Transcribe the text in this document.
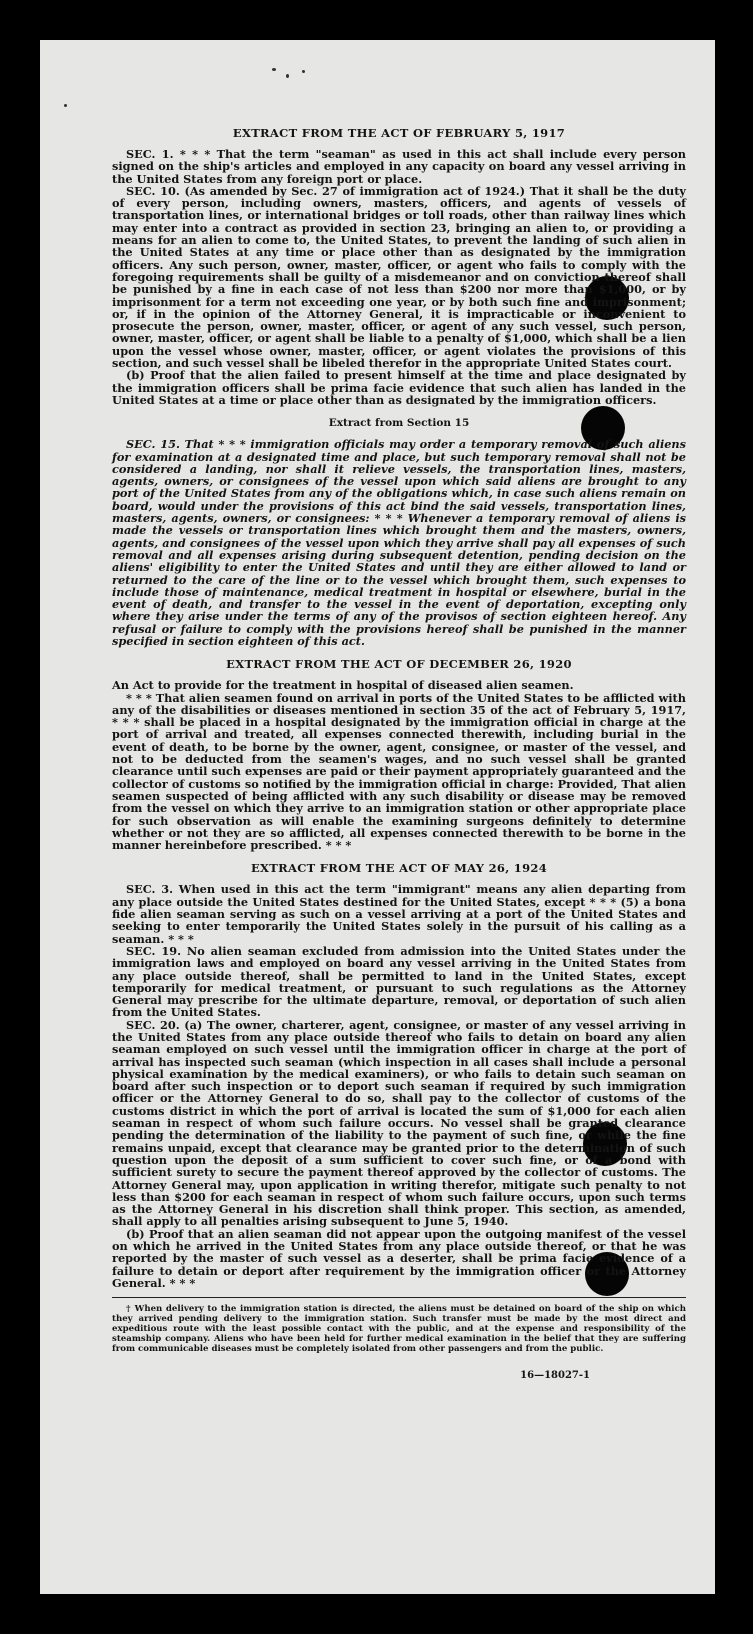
EXTRACT FROM THE ACT OF FEBRUARY 5, 1917

SEC. 1. * * * That the term "seaman" as used in this act shall include every person signed on the ship's articles and employed in any capacity on board any vessel arriving in the United States from any foreign port or place.

SEC. 10. (As amended by Sec. 27 of immigration act of 1924.) That it shall be the duty of every person, including owners, masters, officers, and agents of vessels of transportation lines, or international bridges or toll roads, other than railway lines which may enter into a contract as provided in section 23, bringing an alien to, or providing a means for an alien to come to, the United States, to prevent the landing of such alien in the United States at any time or place other than as designated by the immigration officers. Any such person, owner, master, officer, or agent who fails to comply with the foregoing requirements shall be guilty of a misdemeanor and on conviction thereof shall be punished by a fine in each case of not less than $200 nor more than $1,000, or by imprisonment for a term not exceeding one year, or by both such fine and imprisonment; or, if in the opinion of the Attorney General, it is impracticable or inconvenient to prosecute the person, owner, master, officer, or agent of any such vessel, such person, owner, master, officer, or agent shall be liable to a penalty of $1,000, which shall be a lien upon the vessel whose owner, master, officer, or agent violates the provisions of this section, and such vessel shall be libeled therefor in the appropriate United States court.

(b) Proof that the alien failed to present himself at the time and place designated by the immigration officers shall be prima facie evidence that such alien has landed in the United States at a time or place other than as designated by the immigration officers.

Extract from Section 15

SEC. 15. That * * * immigration officials may order a temporary removal of such aliens for examination at a designated time and place, but such temporary removal shall not be considered a landing, nor shall it relieve vessels, the transportation lines, masters, agents, owners, or consignees of the vessel upon which said aliens are brought to any port of the United States from any of the obligations which, in case such aliens remain on board, would under the provisions of this act bind the said vessels, transportation lines, masters, agents, owners, or consignees: * * * Whenever a temporary removal of aliens is made the vessels or transportation lines which brought them and the masters, owners, agents, and consignees of the vessel upon which they arrive shall pay all expenses of such removal and all expenses arising during subsequent detention, pending decision on the aliens' eligibility to enter the United States and until they are either allowed to land or returned to the care of the line or to the vessel which brought them, such expenses to include those of maintenance, medical treatment in hospital or elsewhere, burial in the event of death, and transfer to the vessel in the event of deportation, excepting only where they arise under the terms of any of the provisos of section eighteen hereof. Any refusal or failure to comply with the provisions hereof shall be punished in the manner specified in section eighteen of this act.

EXTRACT FROM THE ACT OF DECEMBER 26, 1920

An Act to provide for the treatment in hospital of diseased alien seamen.

* * * That alien seamen found on arrival in ports of the United States to be afflicted with any of the disabilities or diseases mentioned in section 35 of the act of February 5, 1917, * * * shall be placed in a hospital designated by the immigration official in charge at the port of arrival and treated, all expenses connected therewith, including burial in the event of death, to be borne by the owner, agent, consignee, or master of the vessel, and not to be deducted from the seamen's wages, and no such vessel shall be granted clearance until such expenses are paid or their payment appropriately guaranteed and the collector of customs so notified by the immigration official in charge: Provided, That alien seamen suspected of being afflicted with any such disability or disease may be removed from the vessel on which they arrive to an immigration station or other appropriate place for such observation as will enable the examining surgeons definitely to determine whether or not they are so afflicted, all expenses connected therewith to be borne in the manner hereinbefore prescribed. * * *

EXTRACT FROM THE ACT OF MAY 26, 1924

SEC. 3. When used in this act the term "immigrant" means any alien departing from any place outside the United States destined for the United States, except * * * (5) a bona fide alien seaman serving as such on a vessel arriving at a port of the United States and seeking to enter temporarily the United States solely in the pursuit of his calling as a seaman. * * *

SEC. 19. No alien seaman excluded from admission into the United States under the immigration laws and employed on board any vessel arriving in the United States from any place outside thereof, shall be permitted to land in the United States, except temporarily for medical treatment, or pursuant to such regulations as the Attorney General may prescribe for the ultimate departure, removal, or deportation of such alien from the United States.

SEC. 20. (a) The owner, charterer, agent, consignee, or master of any vessel arriving in the United States from any place outside thereof who fails to detain on board any alien seaman employed on such vessel until the immigration officer in charge at the port of arrival has inspected such seaman (which inspection in all cases shall include a personal physical examination by the medical examiners), or who fails to detain such seaman on board after such inspection or to deport such seaman if required by such immigration officer or the Attorney General to do so, shall pay to the collector of customs of the customs district in which the port of arrival is located the sum of $1,000 for each alien seaman in respect of whom such failure occurs. No vessel shall be granted clearance pending the determination of the liability to the payment of such fine, or while the fine remains unpaid, except that clearance may be granted prior to the determination of such question upon the deposit of a sum sufficient to cover such fine, or of a bond with sufficient surety to secure the payment thereof approved by the collector of customs. The Attorney General may, upon application in writing therefor, mitigate such penalty to not less than $200 for each seaman in respect of whom such failure occurs, upon such terms as the Attorney General in his discretion shall think proper. This section, as amended, shall apply to all penalties arising subsequent to June 5, 1940.

(b) Proof that an alien seaman did not appear upon the outgoing manifest of the vessel on which he arrived in the United States from any place outside thereof, or that he was reported by the master of such vessel as a deserter, shall be prima facie evidence of a failure to detain or deport after requirement by the immigration officer or the Attorney General. * * *

† When delivery to the immigration station is directed, the aliens must be detained on board of the ship on which they arrived pending delivery to the immigration station. Such transfer must be made by the most direct and expeditious route with the least possible contact with the public, and at the expense and responsibility of the steamship company. Aliens who have been held for further medical examination in the belief that they are suffering from communicable diseases must be completely isolated from other passengers and from the public.

16—18027-1
